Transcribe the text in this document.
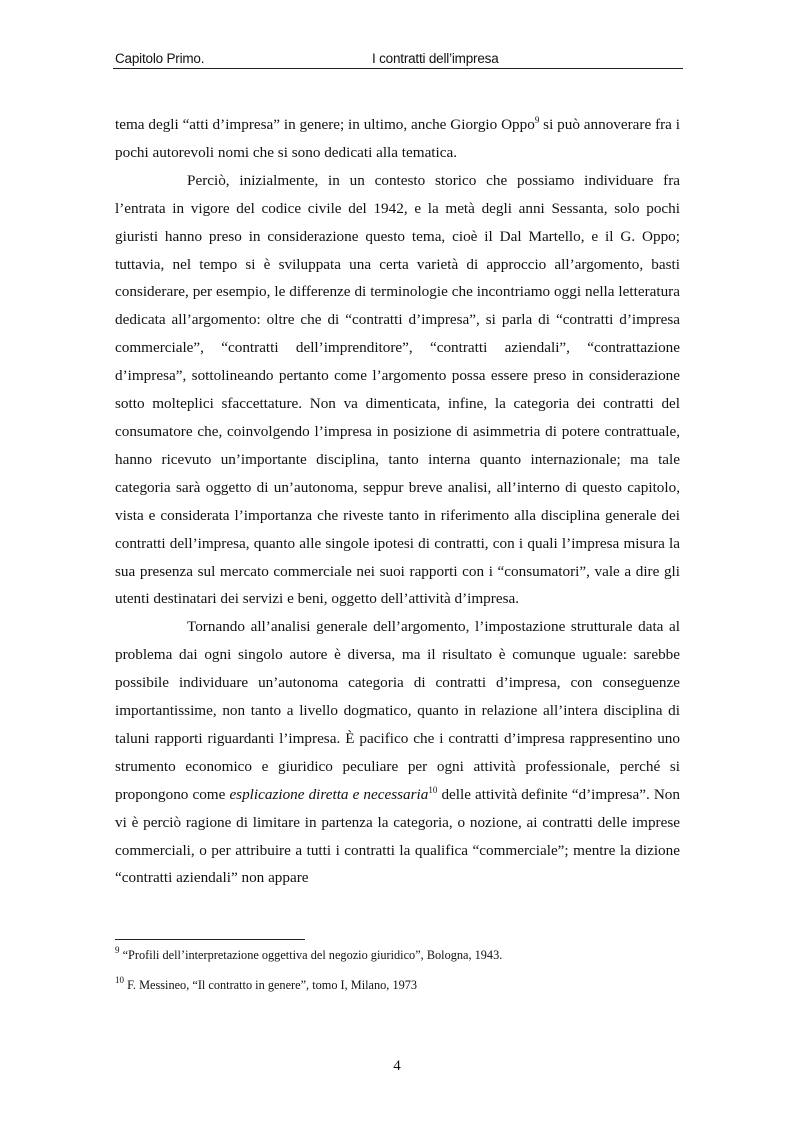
Capitolo Primo.	I contratti dell’impresa

tema degli “atti d’impresa” in genere; in ultimo, anche Giorgio Oppo$^9$ si può annoverare fra i pochi autorevoli nomi che si sono dedicati alla tematica.

Perciò, inizialmente, in un contesto storico che possiamo individuare fra l’entrata in vigore del codice civile del 1942, e la metà degli anni Sessanta, solo pochi giuristi hanno preso in considerazione questo tema, cioè il Dal Martello, e il G. Oppo; tuttavia, nel tempo si è sviluppata una certa varietà di approccio all’argomento, basti considerare, per esempio, le differenze di terminologie che incontriamo oggi nella letteratura dedicata all’argomento: oltre che di “contratti d’impresa”, si parla di “contratti d’impresa commerciale”, “contratti dell’imprenditore”, “contratti aziendali”, “contrattazione d’impresa”, sottolineando pertanto come l’argomento possa essere preso in considerazione sotto molteplici sfaccettature. Non va dimenticata, infine, la categoria dei contratti del consumatore che, coinvolgendo l’impresa in posizione di asimmetria di potere contrattuale, hanno ricevuto un’importante disciplina, tanto interna quanto internazionale; ma tale categoria sarà oggetto di un’autonoma, seppur breve analisi, all’interno di questo capitolo, vista e considerata l’importanza che riveste tanto in riferimento alla disciplina generale dei contratti dell’impresa, quanto alle singole ipotesi di contratti, con i quali l’impresa misura la sua presenza sul mercato commerciale nei suoi rapporti con i “consumatori”, vale a dire gli utenti destinatari dei servizi e beni, oggetto dell’attività d’impresa.

Tornando all’analisi generale dell’argomento, l’impostazione strutturale data al problema dai ogni singolo autore è diversa, ma il risultato è comunque uguale: sarebbe possibile individuare un’autonoma categoria di contratti d’impresa, con conseguenze importantissime, non tanto a livello dogmatico, quanto in relazione all’intera disciplina di taluni rapporti riguardanti l’impresa. È pacifico che i contratti d’impresa rappresentino uno strumento economico e giuridico peculiare per ogni attività professionale, perché si propongono come esplicazione diretta e necessaria$^{10}$ delle attività definite “d’impresa”. Non vi è perciò ragione di limitare in partenza la categoria, o nozione, ai contratti delle imprese commerciali, o per attribuire a tutti i contratti la qualifica “commerciale”; mentre la dizione “contratti aziendali” non appare

$^9$ “Profili dell’interpretazione oggettiva del negozio giuridico”, Bologna, 1943.
$^{10}$ F. Messineo, “Il contratto in genere”, tomo I, Milano, 1973
4
